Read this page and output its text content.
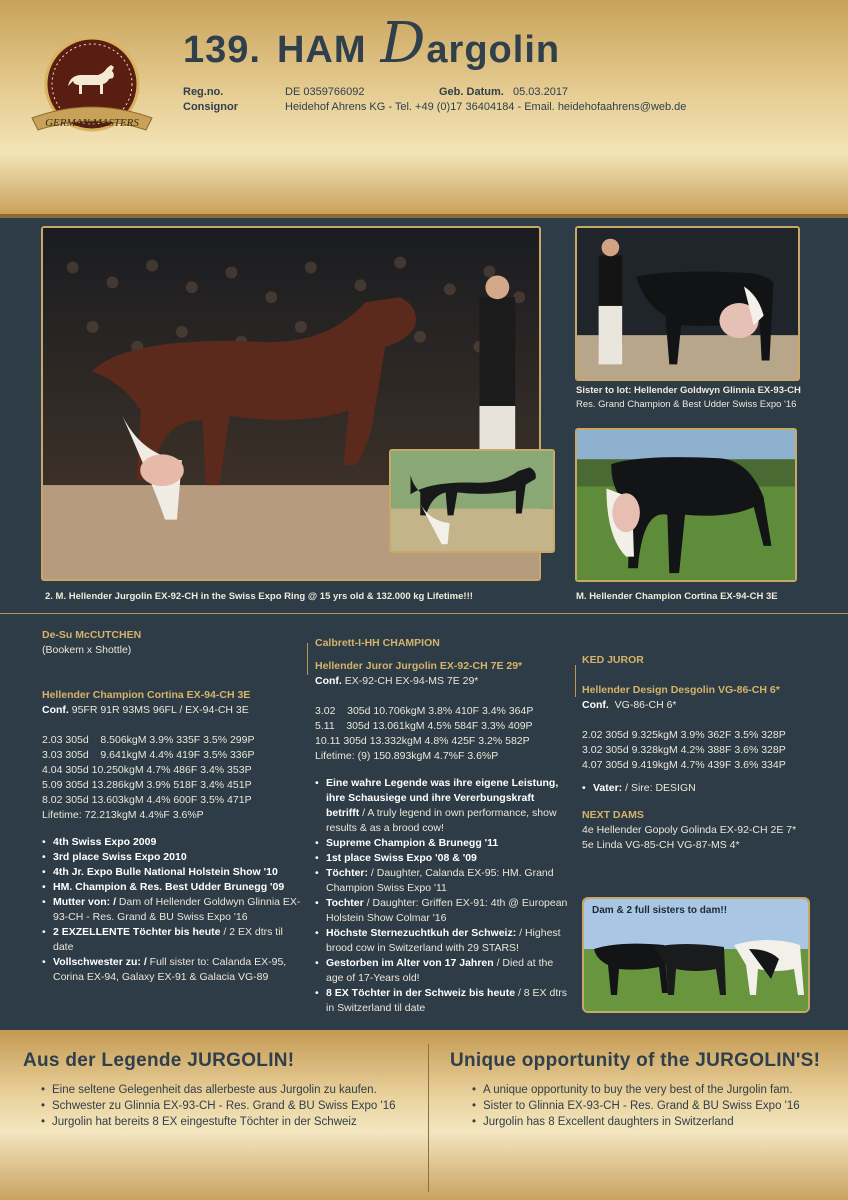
GERMAN MASTERS
139. HAM D argolin
Reg.no.	DE 0359766092	Geb. Datum. 05.03.2017
Consignor	Heidehof Ahrens KG - Tel. +49 (0)17 36404184 - Email. heidehofaahrens@web.de
2. M. Hellender Jurgolin EX-92-CH in the Swiss Expo Ring @ 15 yrs old & 132.000 kg Lifetime!!!
Sister to lot: Hellender Goldwyn Glinnia EX-93-CH
Res. Grand Champion & Best Udder Swiss Expo '16
M. Hellender Champion Cortina EX-94-CH 3E
De-Su McCUTCHEN
(Bookem x Shottle)
Hellender Champion Cortina EX-94-CH 3E
Conf. 95FR 91R 93MS 96FL / EX-94-CH 3E
2.03 305d    8.506kgM 3.9% 335F 3.5% 299P
3.03 305d    9.641kgM 4.4% 419F 3.5% 336P
4.04 305d 10.250kgM 4.7% 486F 3.4% 353P
5.09 305d 13.286kgM 3.9% 518F 3.4% 451P
8.02 305d 13.603kgM 4.4% 600F 3.5% 471P
Lifetime: 72.213kgM 4.4%F 3.6%P
• 4th Swiss Expo 2009
• 3rd place Swiss Expo 2010
• 4th Jr. Expo Bulle National Holstein Show '10
• HM. Champion & Res. Best Udder Brunegg '09
• Mutter von: / Dam of Hellender Goldwyn Glinnia EX-93-CH - Res. Grand & BU Swiss Expo '16
• 2 EXZELLENTE Töchter bis heute / 2 EX dtrs til date
• Vollschwester zu: / Full sister to: Calanda EX-95, Corina EX-94, Galaxy EX-91 & Galacia VG-89
Calbrett-I-HH CHAMPION
Hellender Juror Jurgolin EX-92-CH 7E 29*
Conf. EX-92-CH EX-94-MS 7E 29*
3.02    305d 10.706kgM 3.8% 410F 3.4% 364P
5.11    305d 13.061kgM 4.5% 584F 3.3% 409P
10.11 305d 13.332kgM 4.8% 425F 3.2% 582P
Lifetime: (9) 150.893kgM 4.7%F 3.6%P
• Eine wahre Legende was ihre eigene Leistung, ihre Schausiege und ihre Vererbungskraft betrifft / A truly legend in own performance, show results & as a brood cow!
• Supreme Champion & Brunegg '11
• 1st place Swiss Expo '08 & '09
• Töchter: / Daughter, Calanda EX-95: HM. Grand Champion Swiss Expo '11
• Tochter / Daughter: Griffen EX-91: 4th @ European Holstein Show Colmar '16
• Höchste Sternezuchtkuh der Schweiz: / Highest brood cow in Switzerland with 29 STARS!
• Gestorben im Alter von 17 Jahren / Died at the age of 17-Years old!
• 8 EX Töchter in der Schweiz bis heute / 8 EX dtrs in Switzerland til date
KED JUROR
Hellender Design Desgolin VG-86-CH 6*
Conf. VG-86-CH 6*
2.02 305d 9.325kgM 3.9% 362F 3.5% 328P
3.02 305d 9.328kgM 4.2% 388F 3.6% 328P
4.07 305d 9.419kgM 4.7% 439F 3.6% 334P
• Vater: / Sire: DESIGN
NEXT DAMS
4e Hellender Gopoly Golinda EX-92-CH 2E 7*
5e Linda VG-85-CH VG-87-MS 4*
Dam & 2 full sisters to dam!!
Aus der Legende JURGOLIN!
• Eine seltene Gelegenheit das allerbeste aus Jurgolin zu kaufen.
• Schwester zu Glinnia EX-93-CH - Res. Grand & BU Swiss Expo '16
• Jurgolin hat bereits 8 EX eingestufte Töchter in der Schweiz
Unique opportunity of the JURGOLIN'S!
• A unique opportunity to buy the very best of the Jurgolin fam.
• Sister to Glinnia EX-93-CH - Res. Grand & BU Swiss Expo '16
• Jurgolin has 8 Excellent daughters in Switzerland
